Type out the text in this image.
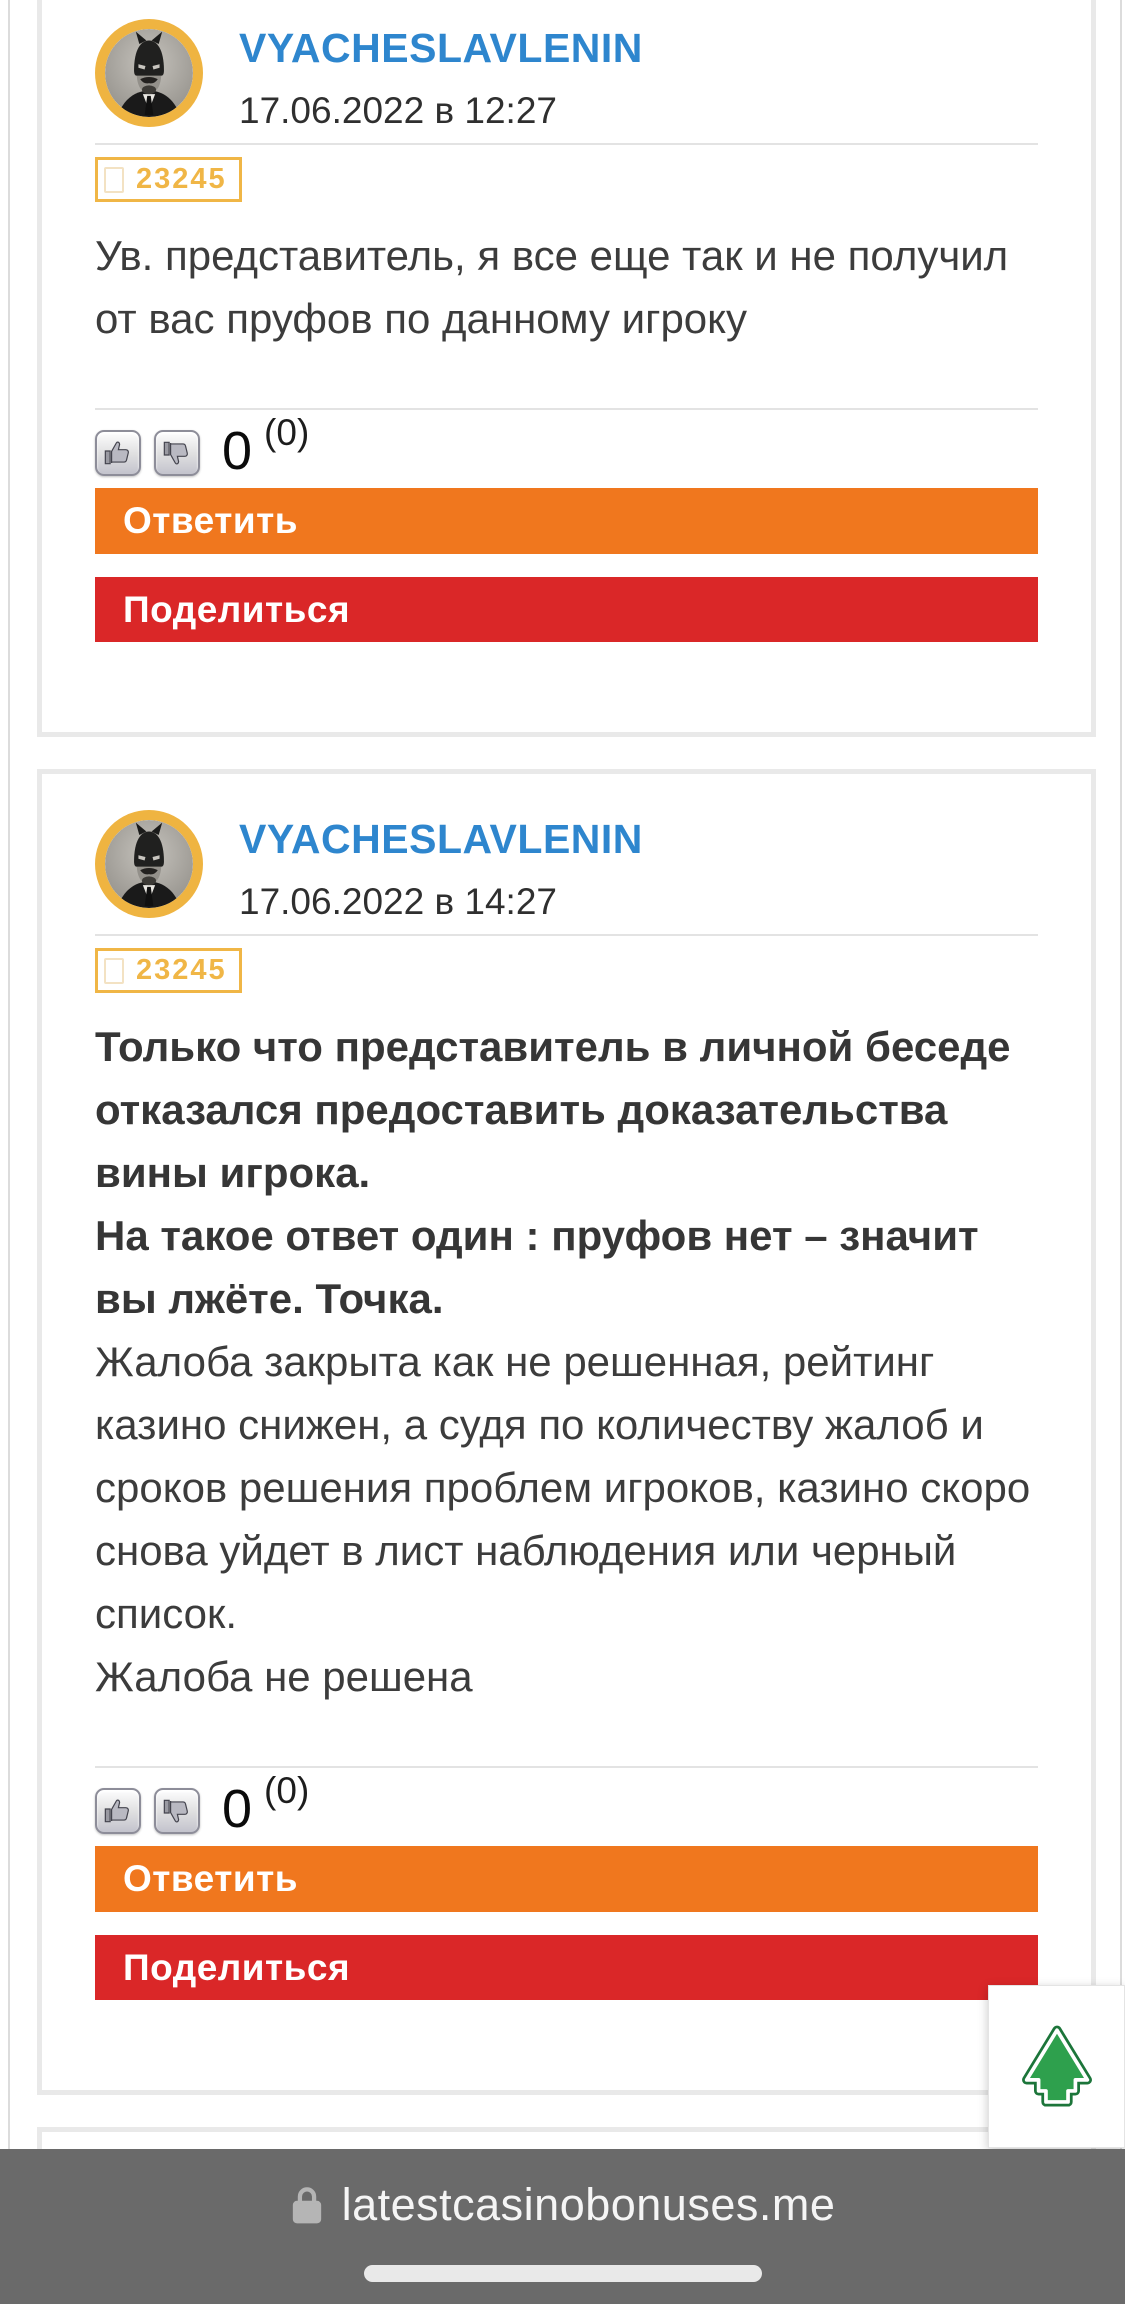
VYACHESLAVLENIN
17.06.2022 в 12:27
23245

Ув. представитель, я все еще так и не получил от вас пруфов по данному игроку

0 (0)
Ответить
Поделиться
VYACHESLAVLENIN
17.06.2022 в 14:27
23245

Только что представитель в личной беседе отказался предоставить доказательства вины игрока.

На такое ответ один : пруфов нет – значит вы лжёте. Точка.

Жалоба закрыта как не решенная, рейтинг казино снижен, а судя по количеству жалоб и сроков решения проблем игроков, казино скоро снова уйдет в лист наблюдения или черный список.

Жалоба не решена

0 (0)
Ответить
Поделиться
latestcasinobonuses.me
